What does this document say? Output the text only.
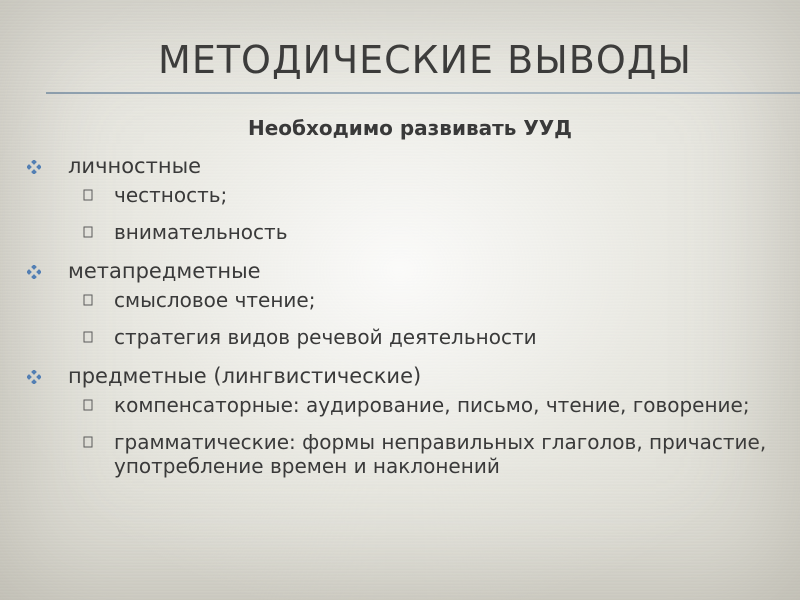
МЕТОДИЧЕСКИЕ ВЫВОДЫ
Необходимо развивать УУД
личностные
честность;
внимательность
метапредметные
смысловое чтение;
стратегия видов речевой деятельности
предметные (лингвистические)
компенсаторные: аудирование, письмо, чтение, говорение;
грамматические: формы неправильных глаголов, причастие, употребление времен и наклонений
